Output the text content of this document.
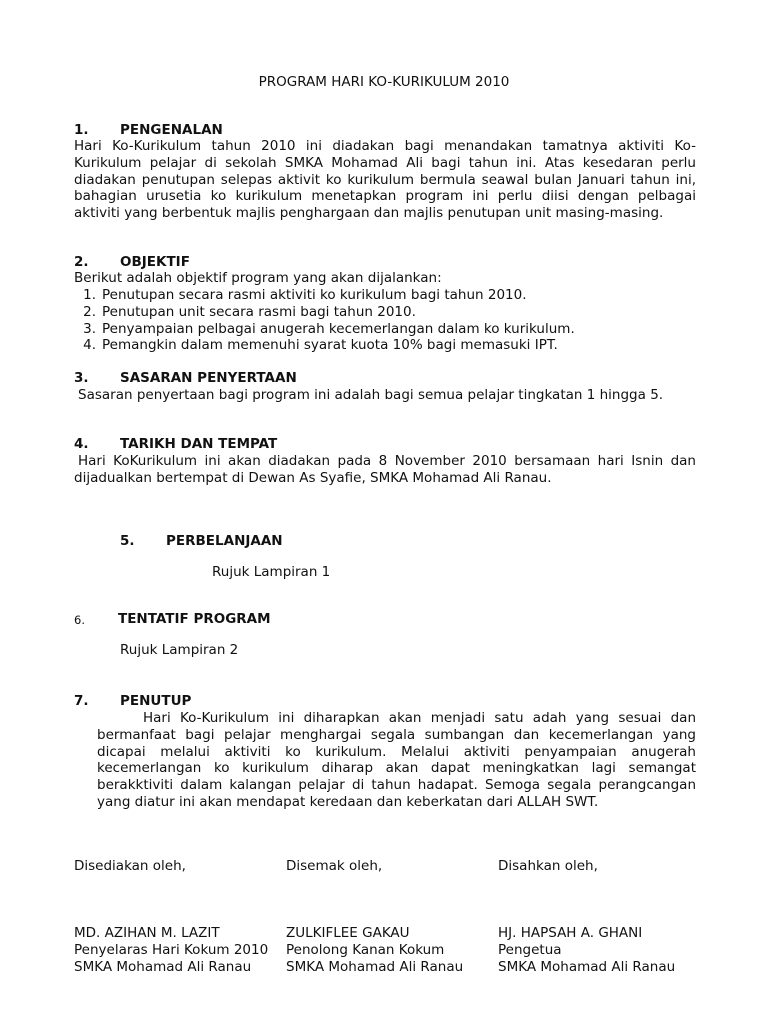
PROGRAM HARI KO-KURIKULUM 2010
1. PENGENALAN
Hari Ko-Kurikulum tahun 2010 ini diadakan bagi menandakan tamatnya aktiviti Ko-Kurikulum pelajar di sekolah SMKA Mohamad Ali bagi tahun ini. Atas kesedaran perlu diadakan penutupan selepas aktivit ko kurikulum bermula seawal bulan Januari tahun ini, bahagian urusetia ko kurikulum menetapkan program ini perlu diisi dengan pelbagai aktiviti yang berbentuk majlis penghargaan dan majlis penutupan unit masing-masing.
2. OBJEKTIF
Berikut adalah objektif program yang akan dijalankan:
1. Penutupan secara rasmi aktiviti ko kurikulum bagi tahun 2010.
2. Penutupan unit secara rasmi bagi tahun 2010.
3. Penyampaian pelbagai anugerah kecemerlangan dalam ko kurikulum.
4. Pemangkin dalam memenuhi syarat kuota 10% bagi memasuki IPT.
3. SASARAN PENYERTAAN
Sasaran penyertaan bagi program ini adalah bagi semua pelajar tingkatan 1 hingga 5.
4. TARIKH DAN TEMPAT
Hari KoKurikulum ini akan diadakan pada 8 November 2010 bersamaan hari Isnin dan dijadualkan bertempat di Dewan As Syafie, SMKA Mohamad Ali Ranau.
5. PERBELANJAAN
Rujuk Lampiran 1
6. TENTATIF PROGRAM
Rujuk Lampiran 2
7. PENUTUP
Hari Ko-Kurikulum ini diharapkan akan menjadi satu adah yang sesuai dan bermanfaat bagi pelajar menghargai segala sumbangan dan kecemerlangan yang dicapai melalui aktiviti ko kurikulum. Melalui aktiviti penyampaian anugerah kecemerlangan ko kurikulum diharap akan dapat meningkatkan lagi semangat berakktiviti dalam kalangan pelajar di tahun hadapat. Semoga segala perangcangan yang diatur ini akan mendapat keredaan dan keberkatan dari ALLAH SWT.
Disediakan oleh,	Disemak oleh,	Disahkan oleh,
MD. AZIHAN M. LAZIT
Penyelaras Hari Kokum 2010
SMKA Mohamad Ali Ranau
ZULKIFLEE GAKAU
Penolong Kanan Kokum
SMKA Mohamad Ali Ranau
HJ. HAPSAH A. GHANI
Pengetua
SMKA Mohamad Ali Ranau
